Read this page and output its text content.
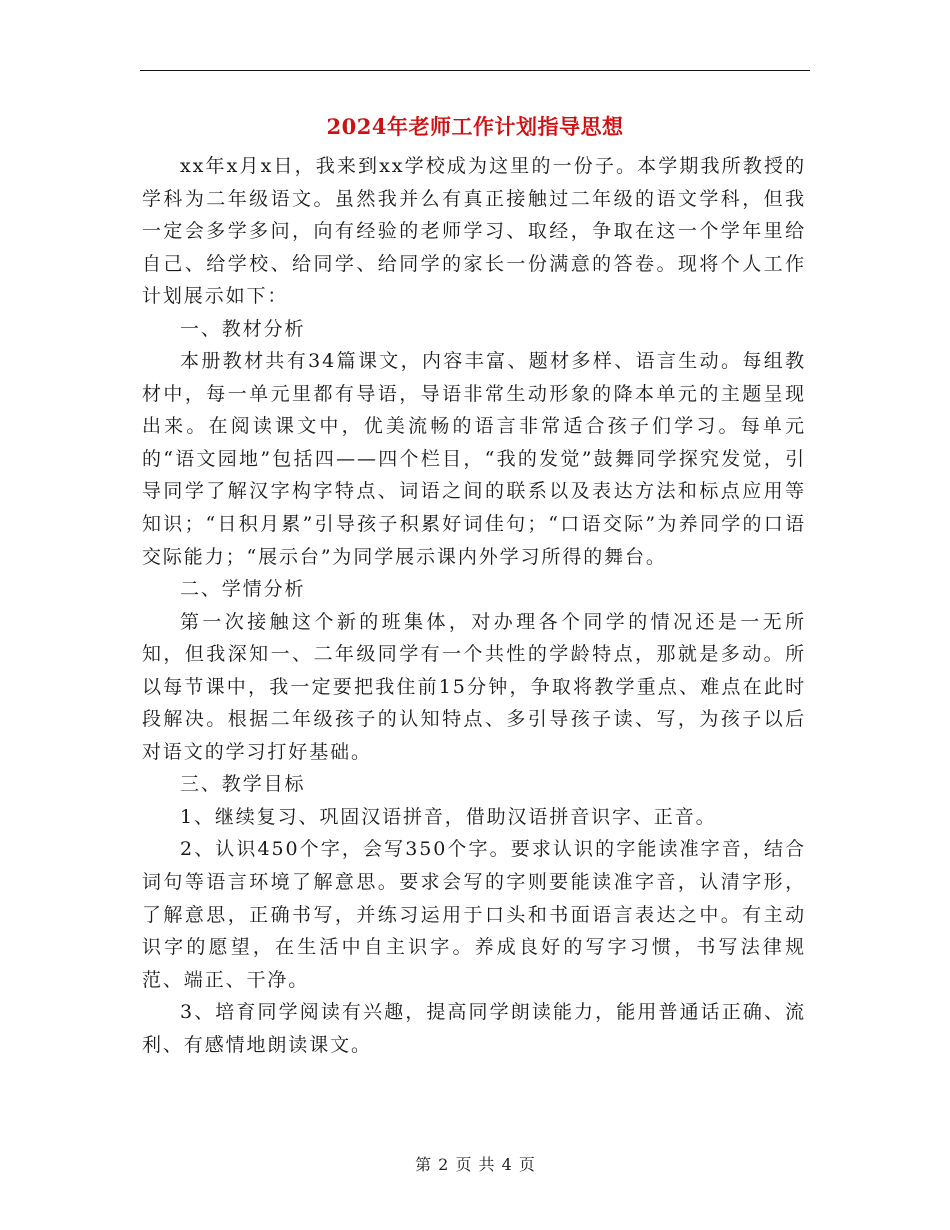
2024年老师工作计划指导思想

xx年x月x日，我来到xx学校成为这里的一份子。本学期我所教授的学科为二年级语文。虽然我并么有真正接触过二年级的语文学科，但我一定会多学多问，向有经验的老师学习、取经，争取在这一个学年里给自己、给学校、给同学、给同学的家长一份满意的答卷。现将个人工作计划展示如下：

一、教材分析

本册教材共有34篇课文，内容丰富、题材多样、语言生动。每组教材中，每一单元里都有导语，导语非常生动形象的降本单元的主题呈现出来。在阅读课文中，优美流畅的语言非常适合孩子们学习。每单元的“语文园地”包括四——四个栏目，“我的发觉”鼓舞同学探究发觉，引导同学了解汉字构字特点、词语之间的联系以及表达方法和标点应用等知识；“日积月累”引导孩子积累好词佳句；“口语交际”为养同学的口语交际能力；“展示台”为同学展示课内外学习所得的舞台。

二、学情分析

第一次接触这个新的班集体，对办理各个同学的情况还是一无所知，但我深知一、二年级同学有一个共性的学龄特点，那就是多动。所以每节课中，我一定要把我住前15分钟，争取将教学重点、难点在此时段解决。根据二年级孩子的认知特点、多引导孩子读、写，为孩子以后对语文的学习打好基础。

三、教学目标

1、继续复习、巩固汉语拼音，借助汉语拼音识字、正音。

2、认识450个字，会写350个字。要求认识的字能读准字音，结合词句等语言环境了解意思。要求会写的字则要能读准字音，认清字形，了解意思，正确书写，并练习运用于口头和书面语言表达之中。有主动识字的愿望，在生活中自主识字。养成良好的写字习惯，书写法律规范、端正、干净。

3、培育同学阅读有兴趣，提高同学朗读能力，能用普通话正确、流利、有感情地朗读课文。

第 2 页 共 4 页
